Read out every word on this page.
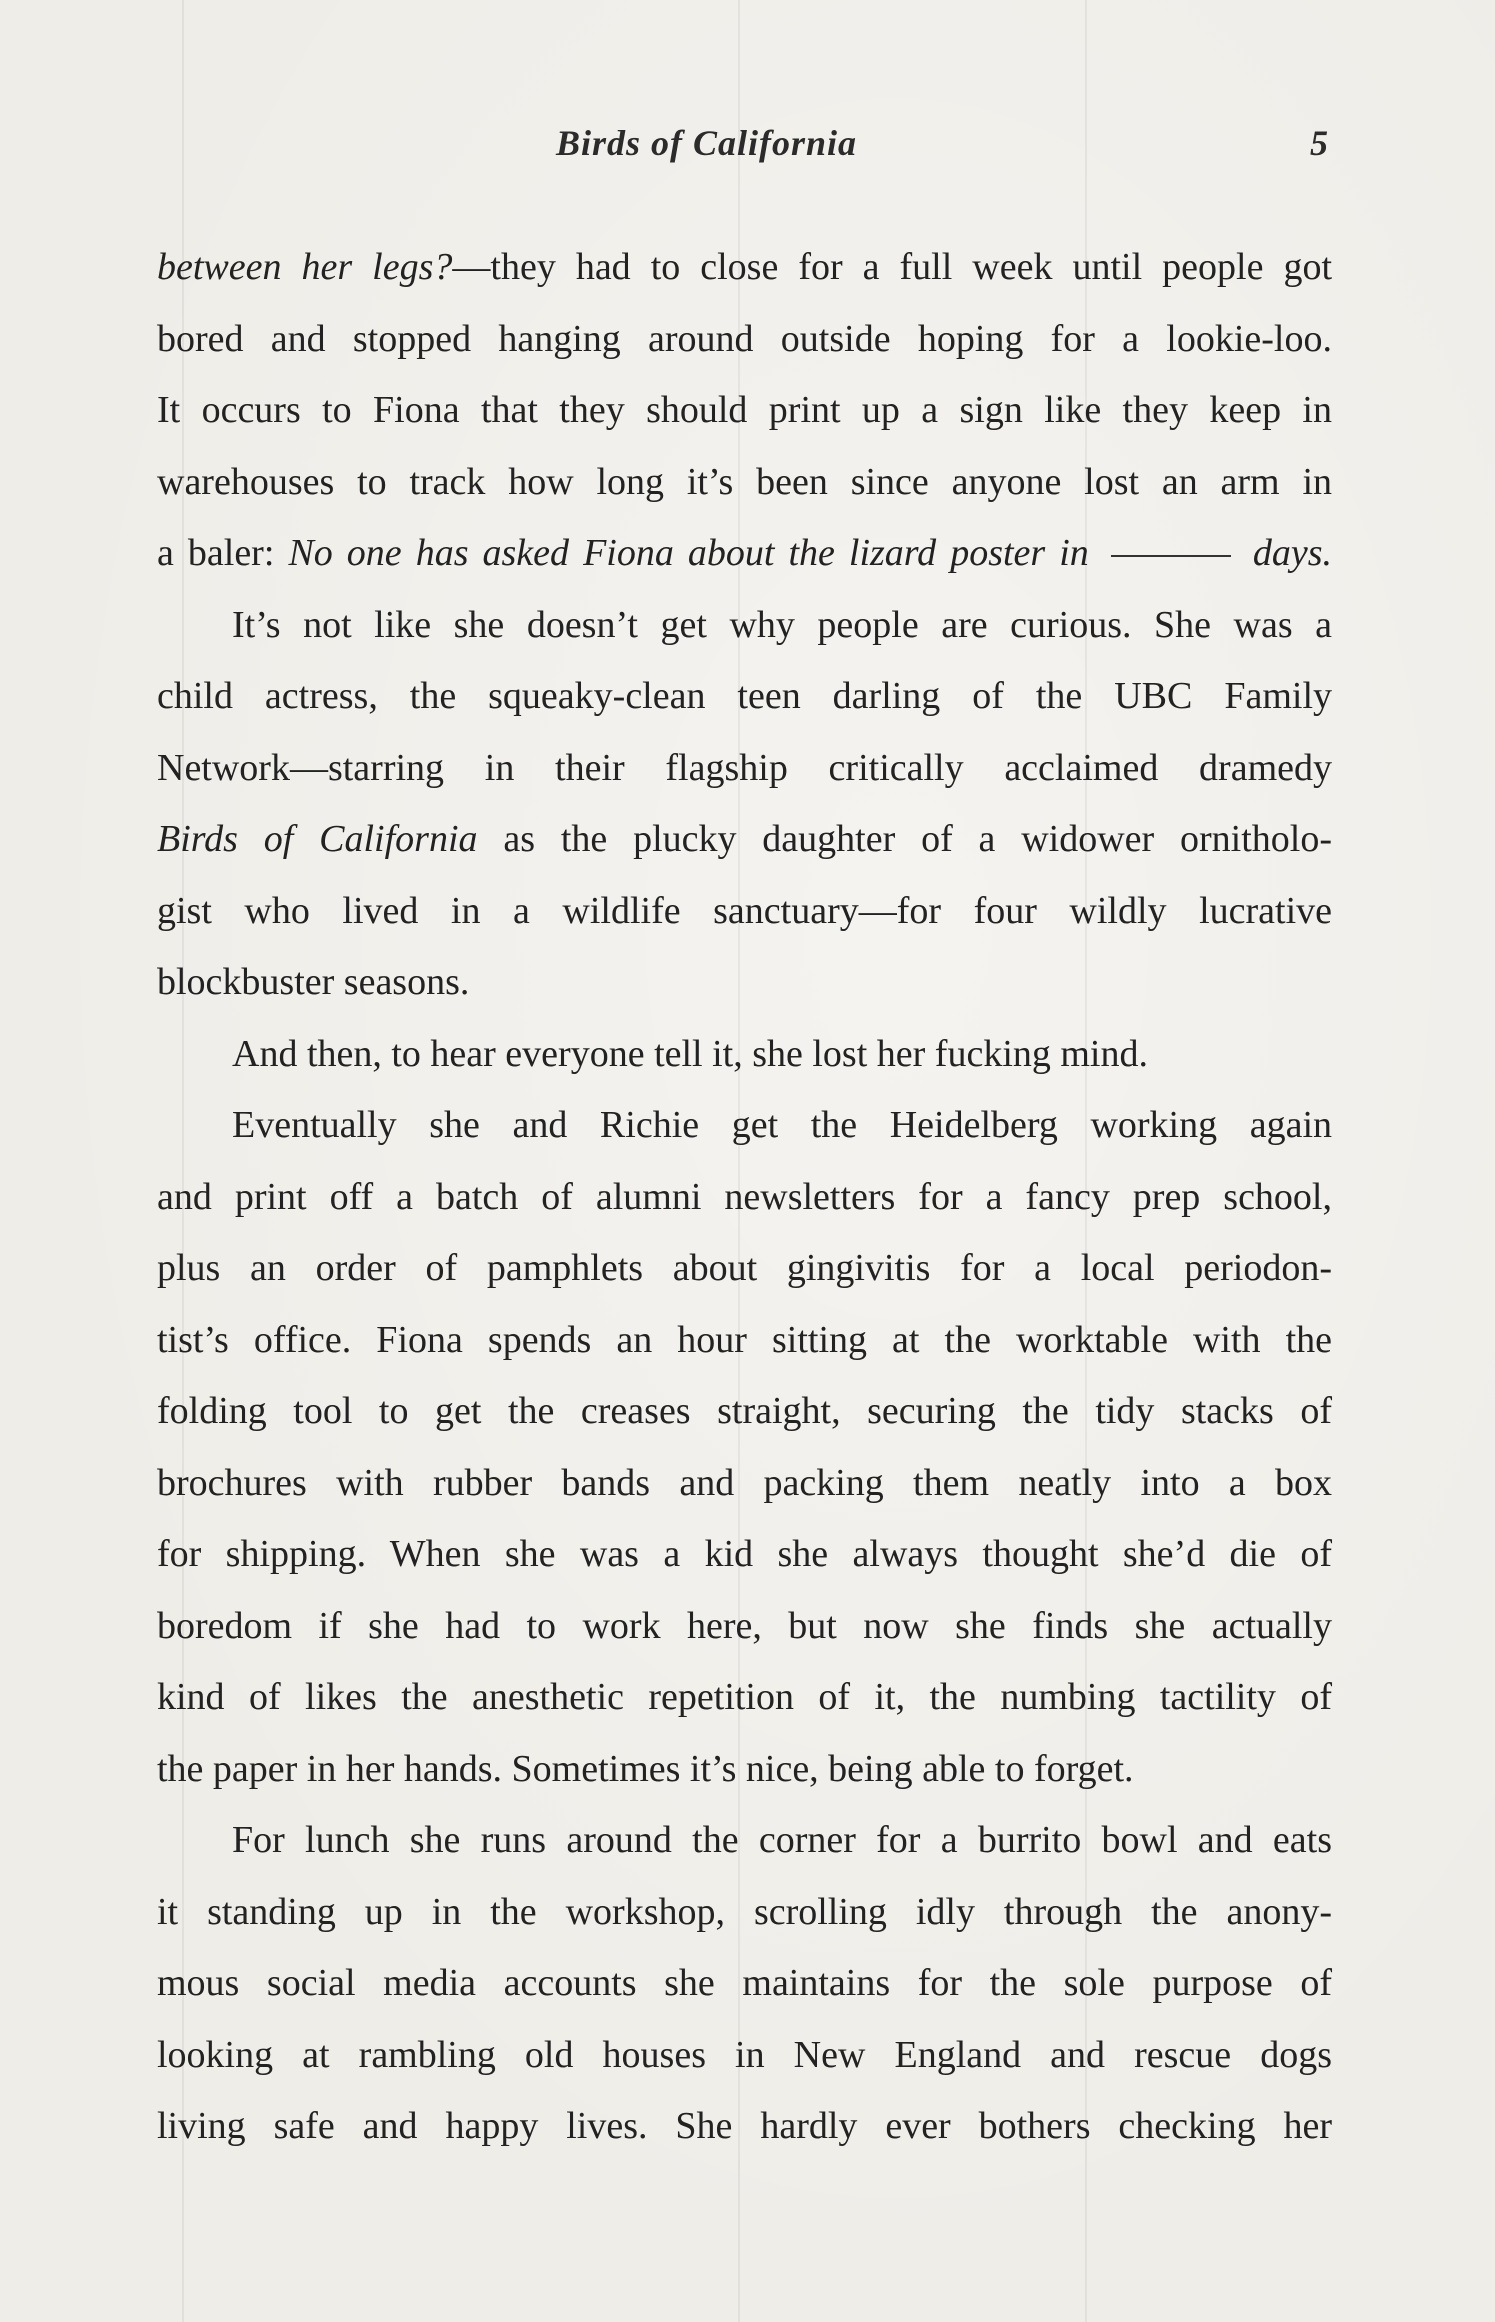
Birds of California	5
between her legs?—they had to close for a full week until people got
bored and stopped hanging around outside hoping for a lookie-loo.
It occurs to Fiona that they should print up a sign like they keep in
warehouses to track how long it’s been since anyone lost an arm in
a baler: No one has asked Fiona about the lizard poster in	days.
It’s not like she doesn’t get why people are curious. She was a
child actress, the squeaky-clean teen darling of the UBC Family
Network—starring in their flagship critically acclaimed dramedy
Birds of California as the plucky daughter of a widower ornitholo-
gist who lived in a wildlife sanctuary—for four wildly lucrative
blockbuster seasons.
And then, to hear everyone tell it, she lost her fucking mind.
Eventually she and Richie get the Heidelberg working again
and print off a batch of alumni newsletters for a fancy prep school,
plus an order of pamphlets about gingivitis for a local periodon-
tist’s office. Fiona spends an hour sitting at the worktable with the
folding tool to get the creases straight, securing the tidy stacks of
brochures with rubber bands and packing them neatly into a box
for shipping. When she was a kid she always thought she’d die of
boredom if she had to work here, but now she finds she actually
kind of likes the anesthetic repetition of it, the numbing tactility of
the paper in her hands. Sometimes it’s nice, being able to forget.
For lunch she runs around the corner for a burrito bowl and eats
it standing up in the workshop, scrolling idly through the anony-
mous social media accounts she maintains for the sole purpose of
looking at rambling old houses in New England and rescue dogs
living safe and happy lives. She hardly ever bothers checking her
